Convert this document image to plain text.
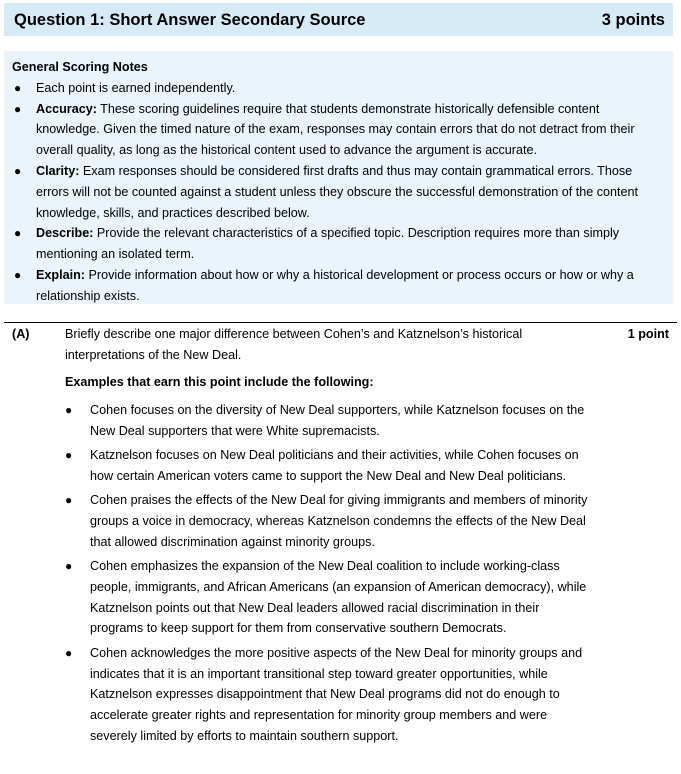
Question 1: Short Answer Secondary Source	3 points
General Scoring Notes
● Each point is earned independently.
● Accuracy: These scoring guidelines require that students demonstrate historically defensible content knowledge. Given the timed nature of the exam, responses may contain errors that do not detract from their overall quality, as long as the historical content used to advance the argument is accurate.
● Clarity: Exam responses should be considered first drafts and thus may contain grammatical errors. Those errors will not be counted against a student unless they obscure the successful demonstration of the content knowledge, skills, and practices described below.
● Describe: Provide the relevant characteristics of a specified topic. Description requires more than simply mentioning an isolated term.
● Explain: Provide information about how or why a historical development or process occurs or how or why a relationship exists.
(A)	Briefly describe one major difference between Cohen’s and Katznelson’s historical interpretations of the New Deal.
1 point
Examples that earn this point include the following:
● Cohen focuses on the diversity of New Deal supporters, while Katznelson focuses on the New Deal supporters that were White supremacists.
● Katznelson focuses on New Deal politicians and their activities, while Cohen focuses on how certain American voters came to support the New Deal and New Deal politicians.
● Cohen praises the effects of the New Deal for giving immigrants and members of minority groups a voice in democracy, whereas Katznelson condemns the effects of the New Deal that allowed discrimination against minority groups.
● Cohen emphasizes the expansion of the New Deal coalition to include working-class people, immigrants, and African Americans (an expansion of American democracy), while Katznelson points out that New Deal leaders allowed racial discrimination in their programs to keep support for them from conservative southern Democrats.
● Cohen acknowledges the more positive aspects of the New Deal for minority groups and indicates that it is an important transitional step toward greater opportunities, while Katznelson expresses disappointment that New Deal programs did not do enough to accelerate greater rights and representation for minority group members and were severely limited by efforts to maintain southern support.
